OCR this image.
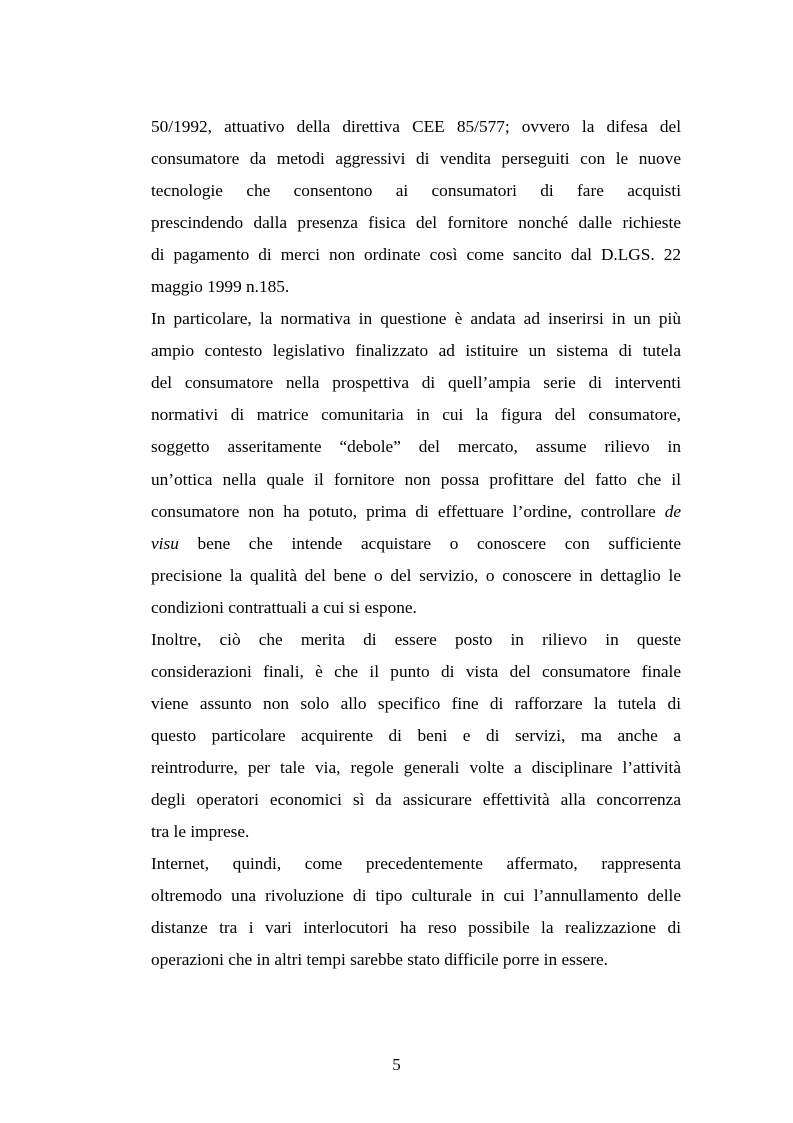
50/1992, attuativo della direttiva CEE 85/577; ovvero la difesa del
consumatore da metodi aggressivi di vendita perseguiti con le nuove
tecnologie che consentono ai consumatori di fare acquisti
prescindendo dalla presenza fisica del fornitore nonché dalle richieste
di pagamento di merci non ordinate così come sancito dal D.LGS. 22
maggio 1999 n.185.
In particolare, la normativa in questione è andata ad inserirsi in un più
ampio contesto legislativo finalizzato ad istituire un sistema di tutela
del consumatore nella prospettiva di quell’ampia serie di interventi
normativi di matrice comunitaria in cui la figura del consumatore,
soggetto asseritamente “debole” del mercato, assume rilievo in
un’ottica nella quale il fornitore non possa profittare del fatto che il
consumatore non ha potuto, prima di effettuare l’ordine, controllare de
visu bene che intende acquistare o conoscere con sufficiente
precisione la qualità del bene o del servizio, o conoscere in dettaglio le
condizioni contrattuali a cui si espone.
Inoltre, ciò che merita di essere posto in rilievo in queste
considerazioni finali, è che il punto di vista del consumatore finale
viene assunto non solo allo specifico fine di rafforzare la tutela di
questo particolare acquirente di beni e di servizi, ma anche a
reintrodurre, per tale via, regole generali volte a disciplinare l’attività
degli operatori economici sì da assicurare effettività alla concorrenza
tra le imprese.
Internet, quindi, come precedentemente affermato, rappresenta
oltremodo una rivoluzione di tipo culturale in cui l’annullamento delle
distanze tra i vari interlocutori ha reso possibile la realizzazione di
operazioni che in altri tempi sarebbe stato difficile porre in essere.
5
